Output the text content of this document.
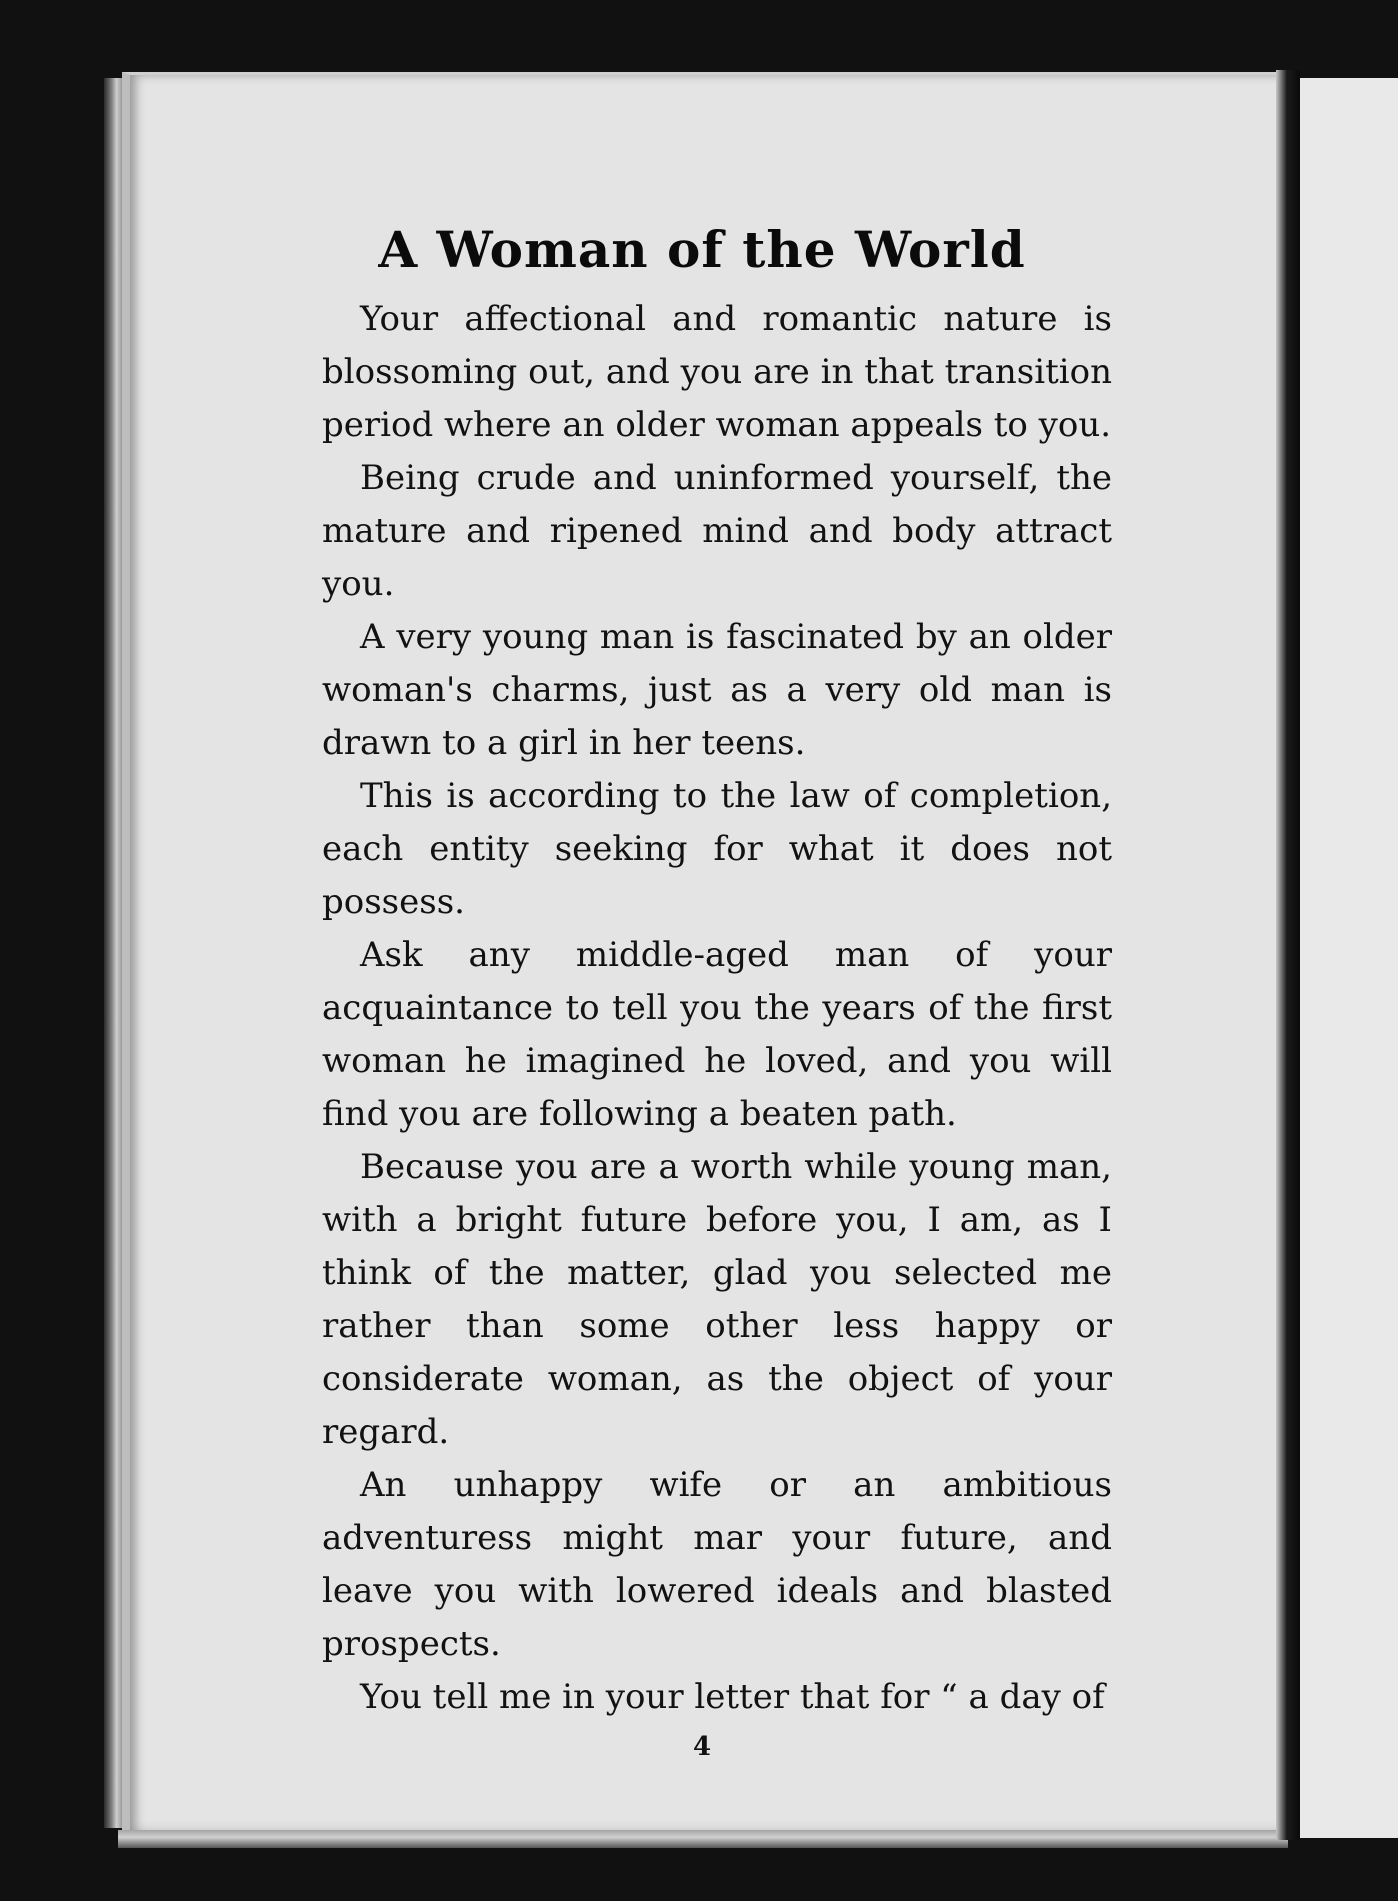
A Woman of the World

Your affectional and romantic nature is blossoming out, and you are in that transition period where an older woman appeals to you.

Being crude and uninformed yourself, the mature and ripened mind and body attract you.

A very young man is fascinated by an older woman's charms, just as a very old man is drawn to a girl in her teens.

This is according to the law of completion, each entity seeking for what it does not possess.

Ask any middle-aged man of your acquaintance to tell you the years of the first woman he imagined he loved, and you will find you are following a beaten path.

Because you are a worth while young man, with a bright future before you, I am, as I think of the matter, glad you selected me rather than some other less happy or considerate woman, as the object of your regard.

An unhappy wife or an ambitious adventuress might mar your future, and leave you with lowered ideals and blasted prospects.

You tell me in your letter that for “ a day of

4
